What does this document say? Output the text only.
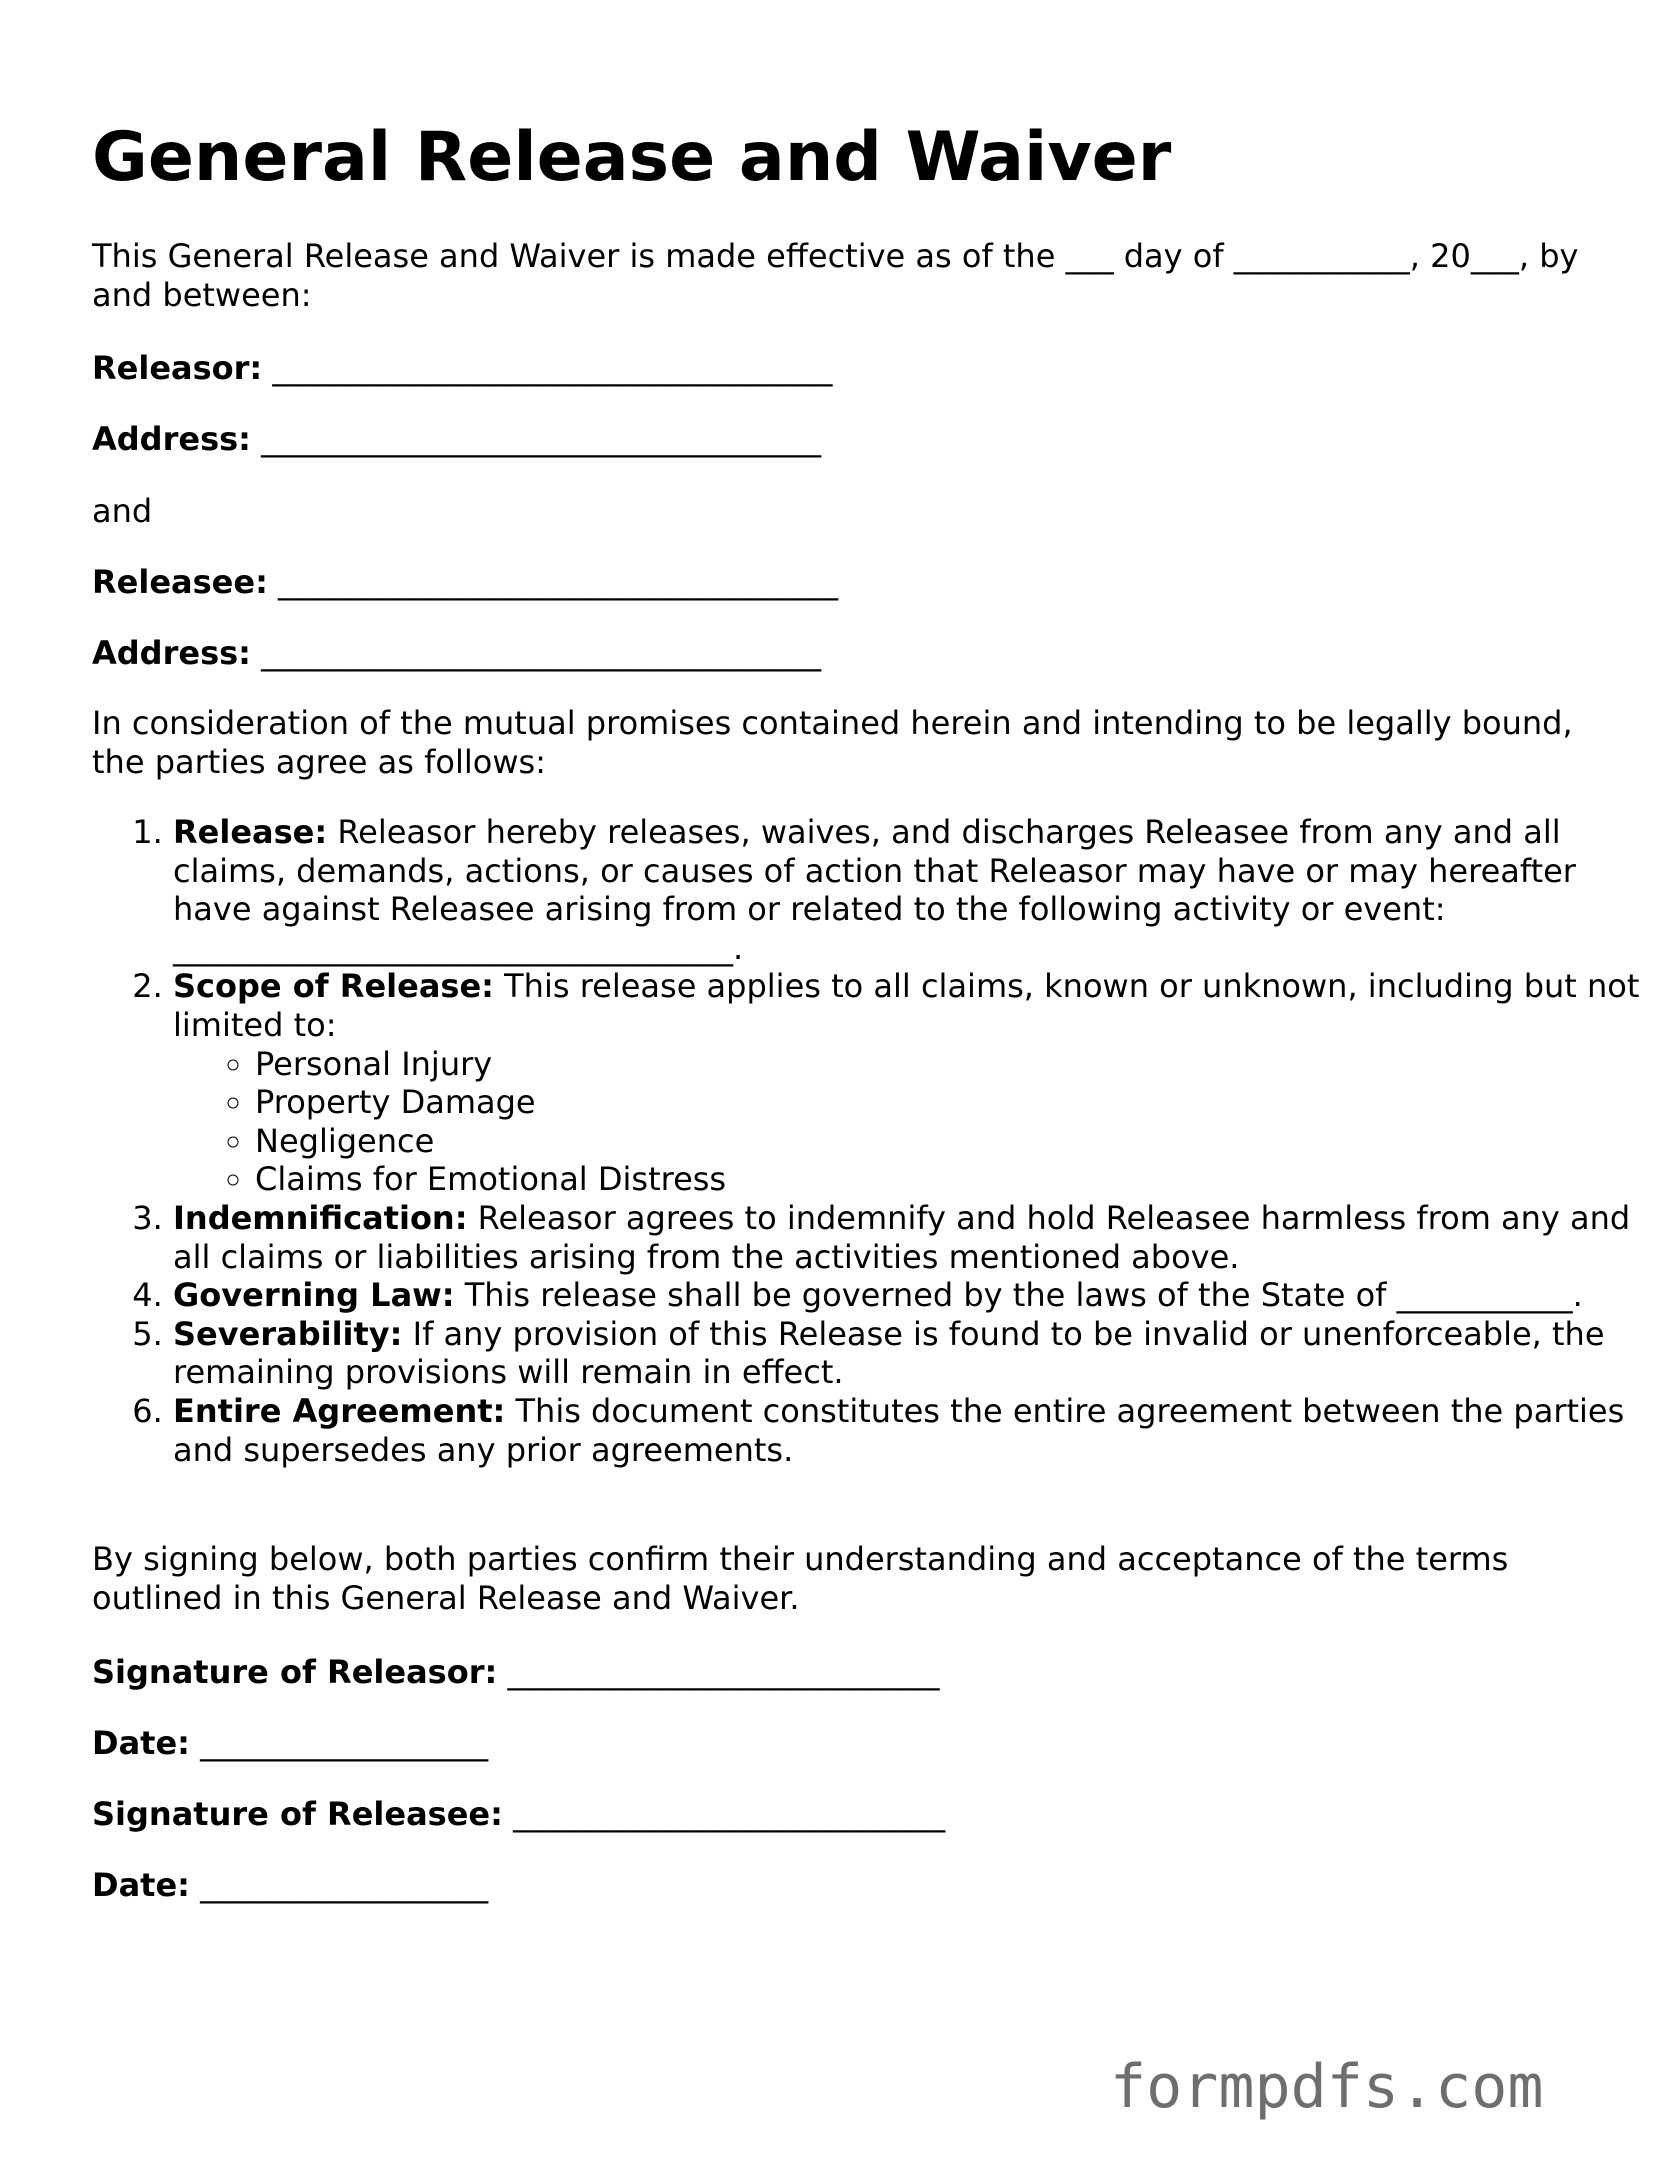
General Release and Waiver

This General Release and Waiver is made effective as of the ___ day of ___________, 20___, by and between:

Releasor: ___________________________________

Address: ___________________________________

and

Releasee: ___________________________________

Address: ___________________________________

In consideration of the mutual promises contained herein and intending to be legally bound, the parties agree as follows:

1. Release: Releasor hereby releases, waives, and discharges Releasee from any and all claims, demands, actions, or causes of action that Releasor may have or may hereafter have against Releasee arising from or related to the following activity or event: ___________________________________.
2. Scope of Release: This release applies to all claims, known or unknown, including but not limited to:
◦ Personal Injury
◦ Property Damage
◦ Negligence
◦ Claims for Emotional Distress
3. Indemnification: Releasor agrees to indemnify and hold Releasee harmless from any and all claims or liabilities arising from the activities mentioned above.
4. Governing Law: This release shall be governed by the laws of the State of ___________.
5. Severability: If any provision of this Release is found to be invalid or unenforceable, the remaining provisions will remain in effect.
6. Entire Agreement: This document constitutes the entire agreement between the parties and supersedes any prior agreements.

By signing below, both parties confirm their understanding and acceptance of the terms outlined in this General Release and Waiver.

Signature of Releasor: ___________________________

Date: __________________

Signature of Releasee: ___________________________

Date: __________________

formpdfs.com
